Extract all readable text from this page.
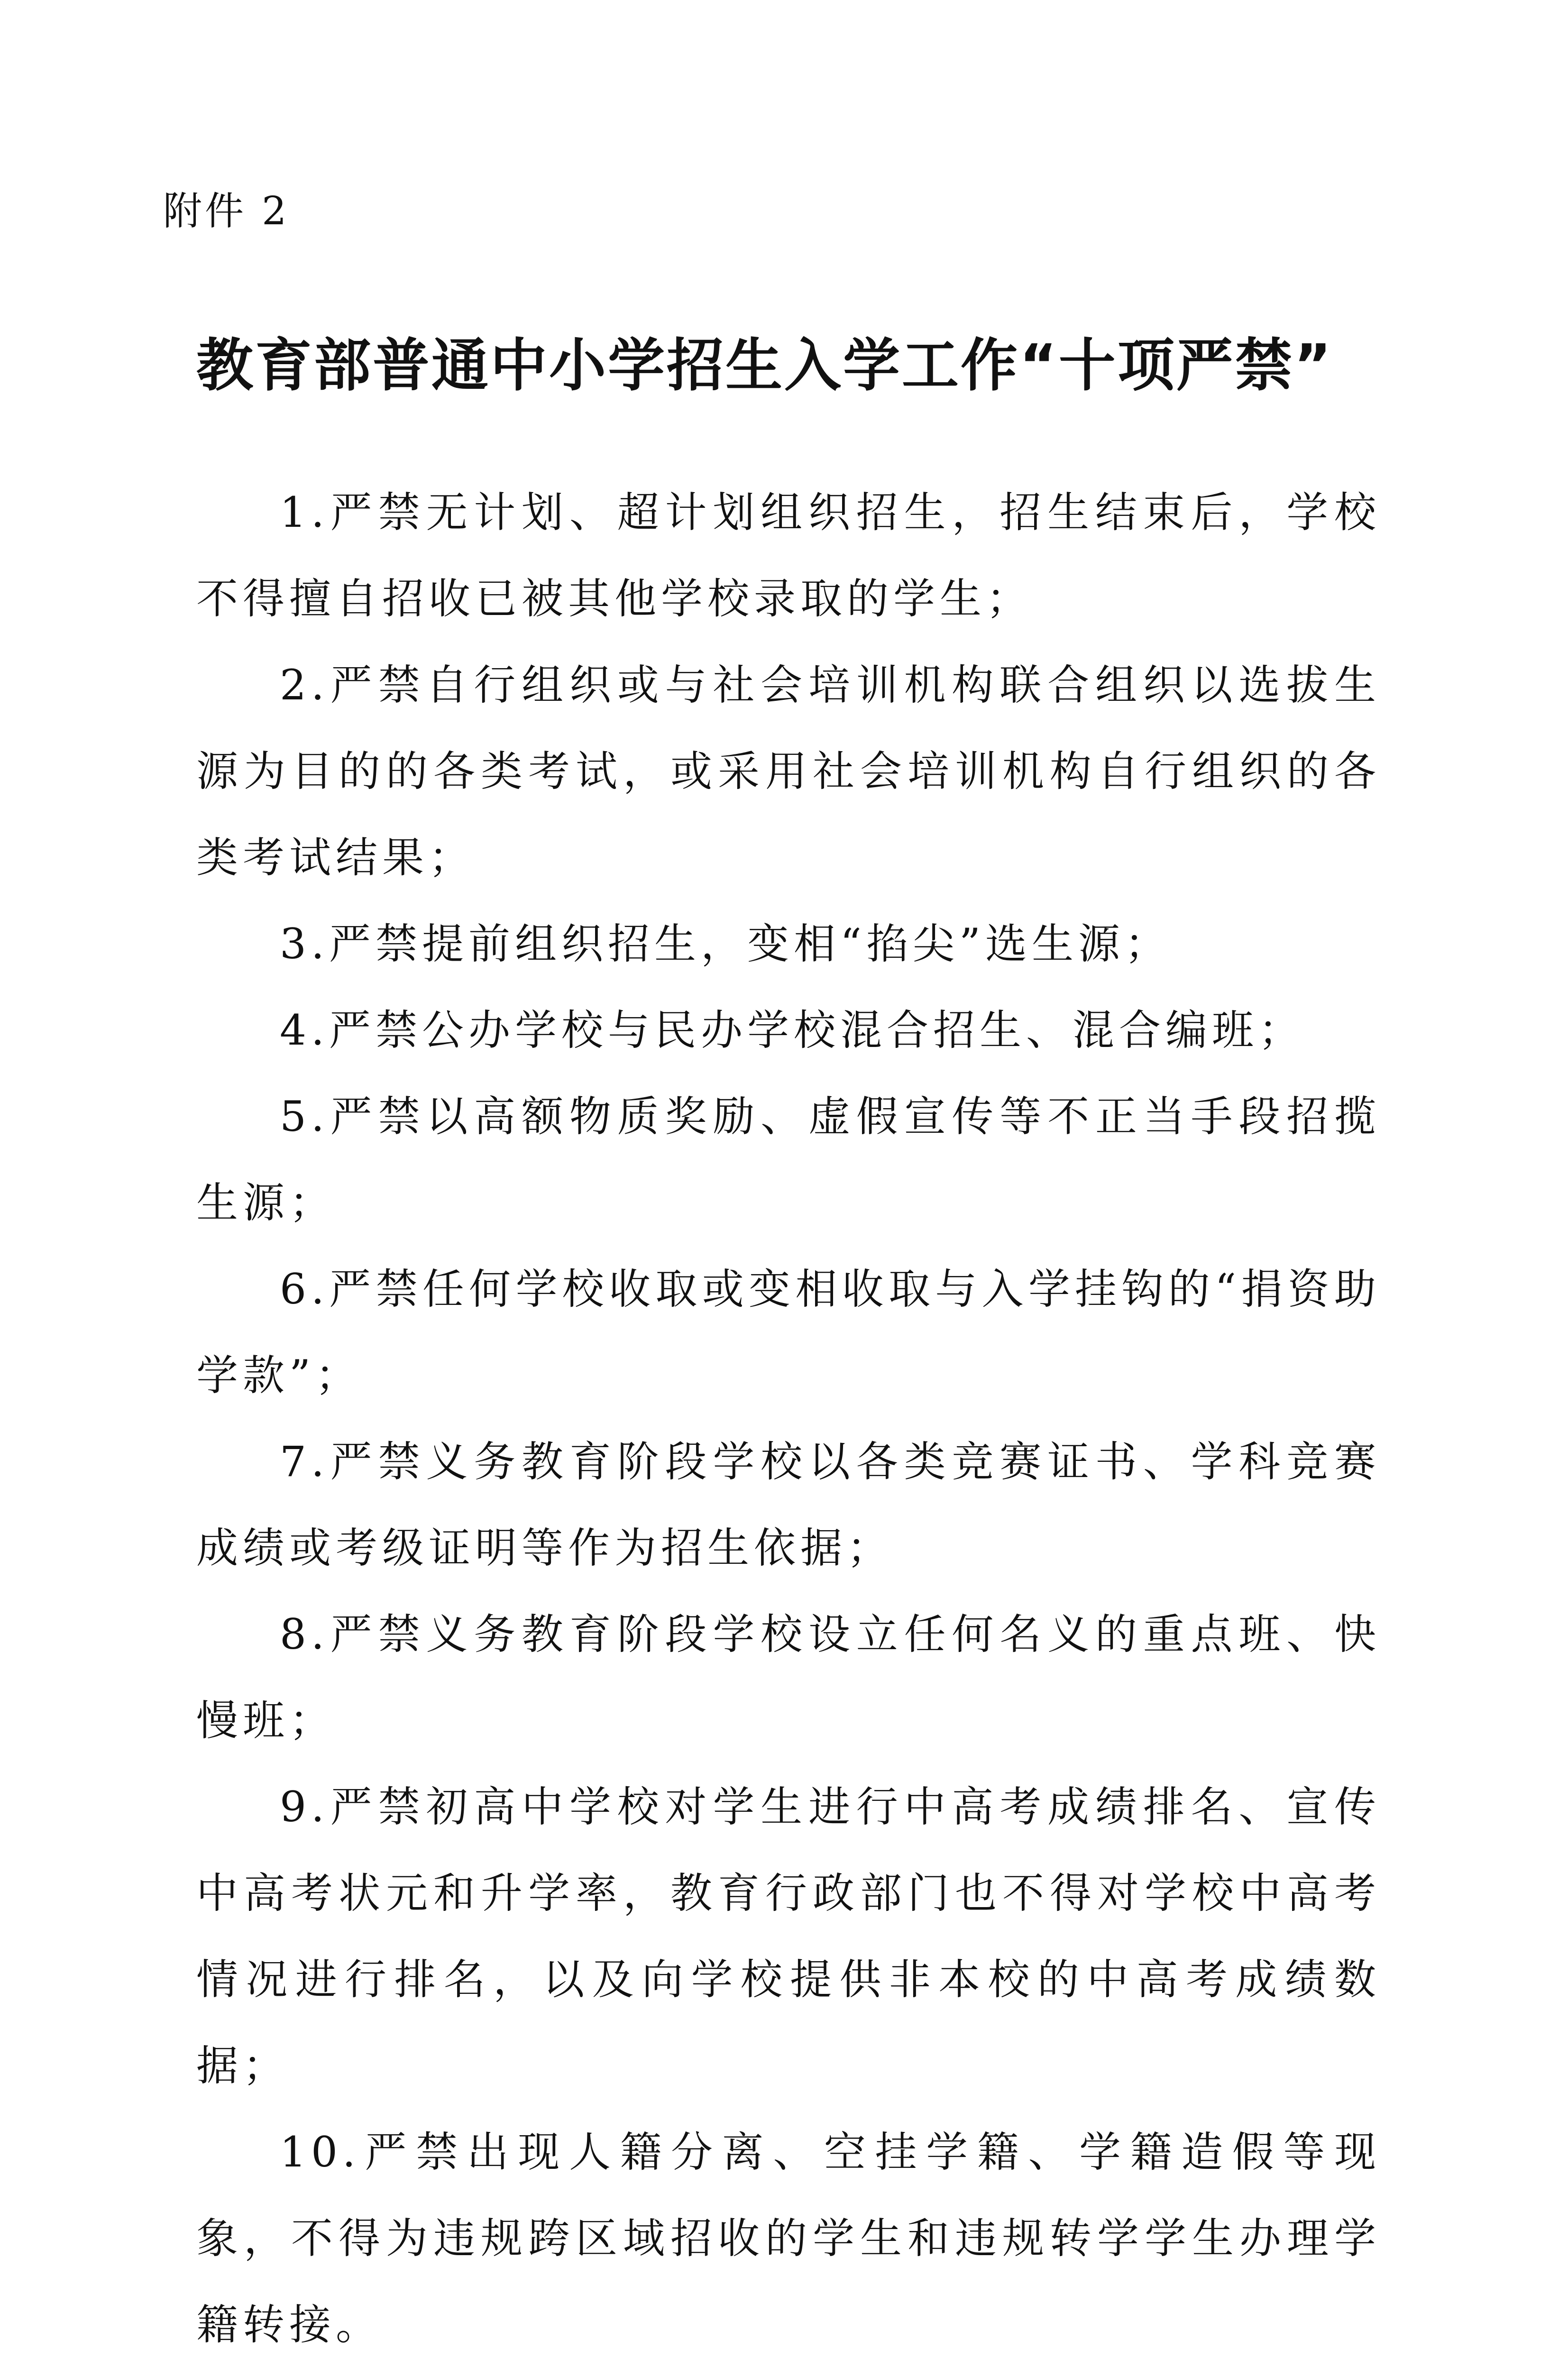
附件 2

教育部普通中小学招生入学工作“十项严禁”
1.严禁无计划、超计划组织招生，招生结束后，学校不得擅自招收已被其他学校录取的学生；
2.严禁自行组织或与社会培训机构联合组织以选拔生源为目的的各类考试，或采用社会培训机构自行组织的各类考试结果；
3.严禁提前组织招生，变相“掐尖”选生源；
4.严禁公办学校与民办学校混合招生、混合编班；
5.严禁以高额物质奖励、虚假宣传等不正当手段招揽生源；
6.严禁任何学校收取或变相收取与入学挂钩的“捐资助学款”；
7.严禁义务教育阶段学校以各类竞赛证书、学科竞赛成绩或考级证明等作为招生依据；
8.严禁义务教育阶段学校设立任何名义的重点班、快慢班；
9.严禁初高中学校对学生进行中高考成绩排名、宣传中高考状元和升学率，教育行政部门也不得对学校中高考情况进行排名，以及向学校提供非本校的中高考成绩数据；
10.严禁出现人籍分离、空挂学籍、学籍造假等现象，不得为违规跨区域招收的学生和违规转学学生办理学籍转接。
